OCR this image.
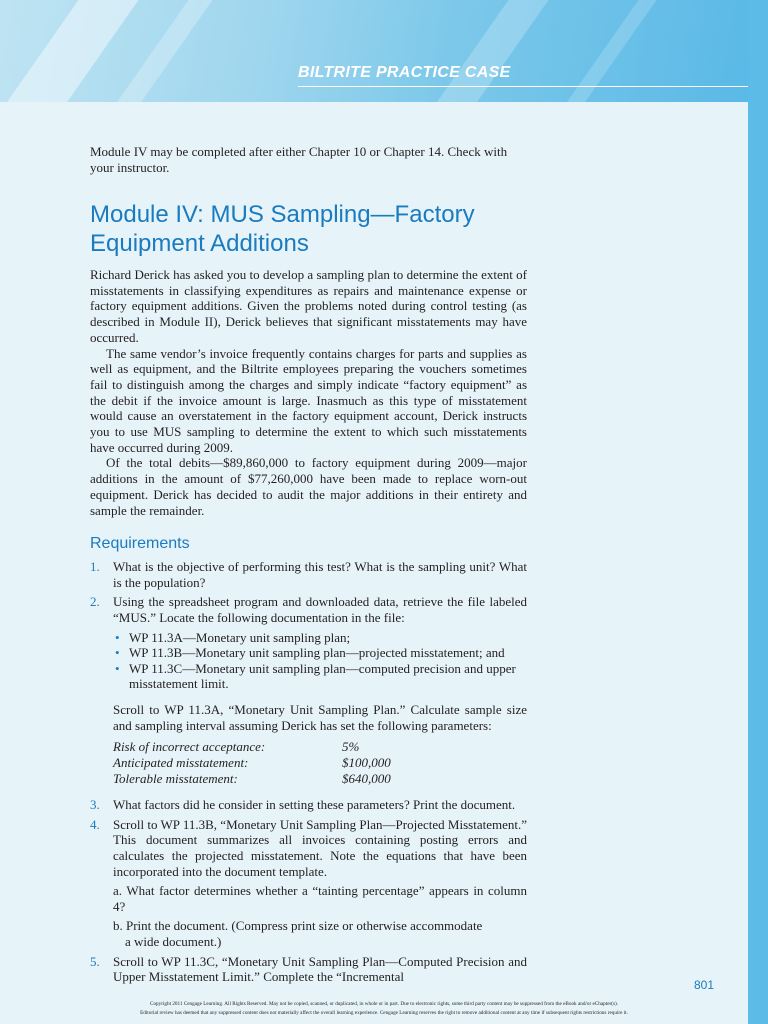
BILTRITE PRACTICE CASE

Module IV may be completed after either Chapter 10 or Chapter 14. Check with your instructor.

Module IV: MUS Sampling—Factory Equipment Additions

Richard Derick has asked you to develop a sampling plan to determine the extent of misstatements in classifying expenditures as repairs and maintenance expense or factory equipment additions. Given the problems noted during control testing (as described in Module II), Derick believes that significant misstatements may have occurred.

The same vendor’s invoice frequently contains charges for parts and supplies as well as equipment, and the Biltrite employees preparing the vouchers sometimes fail to distinguish among the charges and simply indicate “factory equipment” as the debit if the invoice amount is large. Inasmuch as this type of misstatement would cause an overstatement in the factory equipment account, Derick instructs you to use MUS sampling to determine the extent to which such misstatements have occurred during 2009.

Of the total debits—$89,860,000 to factory equipment during 2009—major additions in the amount of $77,260,000 have been made to replace worn-out equipment. Derick has decided to audit the major additions in their entirety and sample the remainder.

Requirements
1. What is the objective of performing this test? What is the sampling unit? What is the population?
2. Using the spreadsheet program and downloaded data, retrieve the file labeled “MUS.” Locate the following documentation in the file:
• WP 11.3A—Monetary unit sampling plan;
• WP 11.3B—Monetary unit sampling plan—projected misstatement; and
• WP 11.3C—Monetary unit sampling plan—computed precision and upper misstatement limit.

Scroll to WP 11.3A, “Monetary Unit Sampling Plan.” Calculate sample size and sampling interval assuming Derick has set the following parameters:

Risk of incorrect acceptance:	5%
Anticipated misstatement:	$100,000
Tolerable misstatement:	$640,000
3. What factors did he consider in setting these parameters? Print the document.
4. Scroll to WP 11.3B, “Monetary Unit Sampling Plan—Projected Misstatement.” This document summarizes all invoices containing posting errors and calculates the projected misstatement. Note the equations that have been incorporated into the document template.
a. What factor determines whether a “tainting percentage” appears in column 4?
b. Print the document. (Compress print size or otherwise accommodate
a wide document.)
5. Scroll to WP 11.3C, “Monetary Unit Sampling Plan—Computed Precision and Upper Misstatement Limit.” Complete the “Incremental
801
Copyright 2011 Cengage Learning. All Rights Reserved. May not be copied, scanned, or duplicated, in whole or in part. Due to electronic rights, some third party content may be suppressed from the eBook and/or eChapter(s).
Editorial review has deemed that any suppressed content does not materially affect the overall learning experience. Cengage Learning reserves the right to remove additional content at any time if subsequent rights restrictions require it.
